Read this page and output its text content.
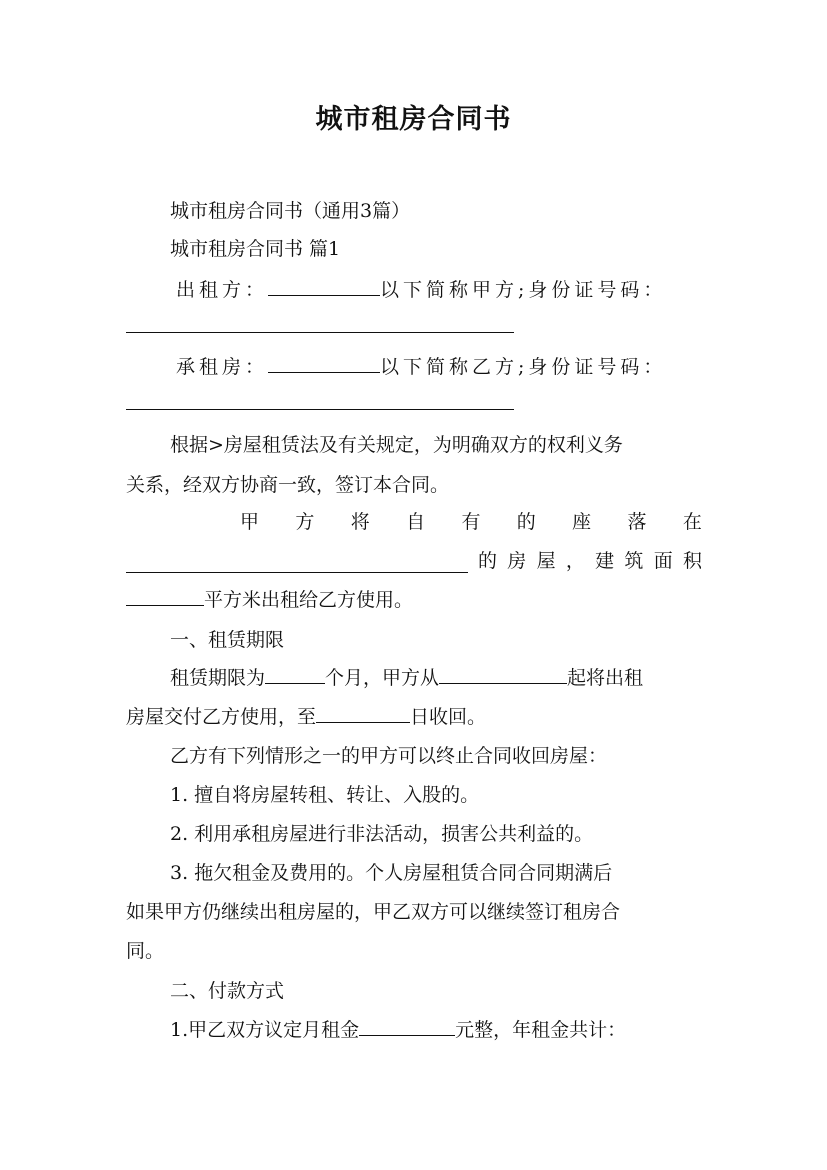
城市租房合同书

城市租房合同书（通用3篇）

城市租房合同书 篇1

出租方：	以下简称甲方;身份证号码：

承租房：	以下简称乙方;身份证号码：

根据>房屋租赁法及有关规定，为明确双方的权利义务

关系，经双方协商一致，签订本合同。

甲 方 将 自 有 的 座 落 在

的 房 屋 ， 建 筑 面 积

平方米出租给乙方使用。

一、租赁期限

租赁期限为	个月，甲方从	起将出租

房屋交付乙方使用，至	日收回。

乙方有下列情形之一的甲方可以终止合同收回房屋：

1. 擅自将房屋转租、转让、入股的。

2. 利用承租房屋进行非法活动，损害公共利益的。

3. 拖欠租金及费用的。个人房屋租赁合同合同期满后

如果甲方仍继续出租房屋的，甲乙双方可以继续签订租房合

同。

二、付款方式

1.甲乙双方议定月租金	元整，年租金共计：
